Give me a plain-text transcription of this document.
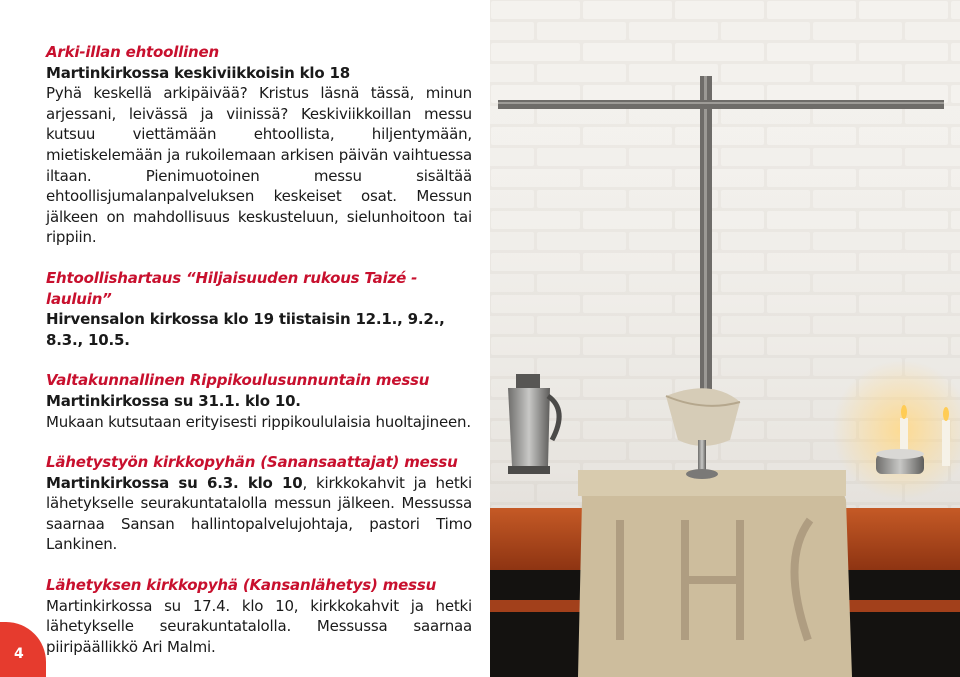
Arki-illan ehtoollinen
Martinkirkossa keskiviikkoisin klo 18
Pyhä keskellä arkipäivää? Kristus läsnä tässä, minun arjessani, leivässä ja viinissä? Keskiviikkoillan messu kutsuu viettämään ehtoollista, hiljentymään, mietiskelemään ja rukoilemaan arkisen päivän vaihtuessa iltaan. Pienimuotoinen messu sisältää ehtoollisjumalanpalveluksen keskeiset osat. Messun jälkeen on mahdollisuus keskusteluun, sielunhoitoon tai rippiin.
Ehtoollishartaus “Hiljaisuuden rukous Taizé -lauluin”
Hirvensalon kirkossa klo 19 tiistaisin 12.1., 9.2., 8.3., 10.5.
Valtakunnallinen Rippikoulusunnuntain messu
Martinkirkossa su 31.1. klo 10.
Mukaan kutsutaan erityisesti rippikoululaisia huoltajineen.
Lähetystyön kirkkopyhän (Sanansaattajat) messu
Martinkirkossa su 6.3. klo 10, kirkkokahvit ja hetki lähetykselle seurakuntatalolla messun jälkeen. Messussa saarnaa Sansan hallintopalvelujohtaja, pastori Timo Lankinen.
Lähetyksen kirkkopyhä (Kansanlähetys) messu
Martinkirkossa su 17.4. klo 10, kirkkokahvit ja hetki lähetykselle seurakuntatalolla. Messussa saarnaa piiripäällikkö Ari Malmi.
4
